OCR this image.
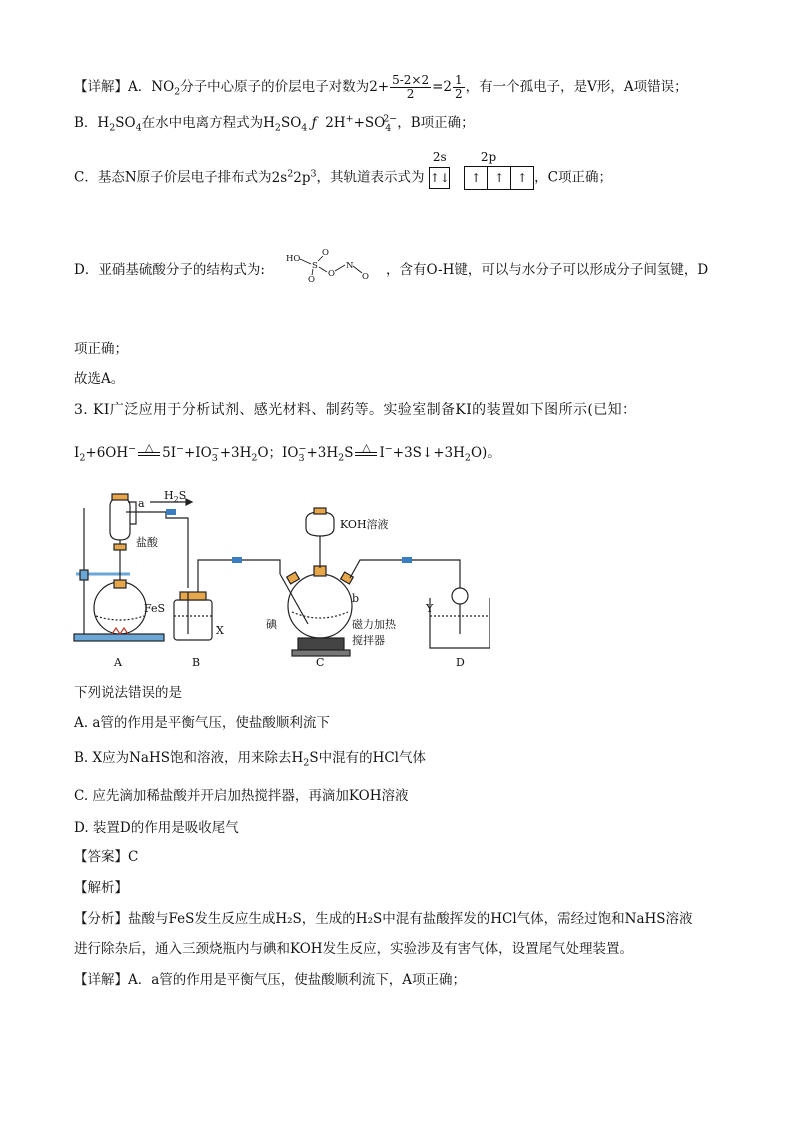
【详解】A．$NO_2$分子中心原子的价层电子对数为$2+ \frac{5-2\times 2}{2} =2 \frac{1}{2}$ ，有一个孤电子，是V形，A项错误；
B．$H_2SO_4$在水中电离方程式为$H_2SO_4$ ƒ $2H^++SO_4^{2-}$，B项正确；
C．基态N原子价层电子排布式为$2s^22p^3$，其轨道表示式为
2s
↑↓
2p
↑ ↑ ↑ ，C项正确；
D．亚硝基硫酸分子的结构式为:
HO
S
O
O
O
N
O ，含有O-H键，可以与水分子可以形成分子间氢键，D
项正确；
故选A。
3. KI广泛应用于分析试剂、感光材料、制药等。实验室制备KI的装置如下图所示(已知：
$I_2+6OH^-$ △ $5I^-+IO_3^-+3H_2O$；$IO_3^-+3H_2S$ △ $I^-+3S↓+3H_2O$)。
a
$H_2S$
盐酸
FeS
X
KOH溶液
b
碘	磁力加热
搅拌器
Y
A	B	C	D
下列说法错误的是
A. a管的作用是平衡气压，使盐酸顺利流下
B. X应为NaHS饱和溶液，用来除去$H_2S$中混有的HCl气体
C. 应先滴加稀盐酸并开启加热搅拌器，再滴加KOH溶液
D. 装置D的作用是吸收尾气
【答案】C
【解析】
【分析】盐酸与FeS发生反应生成H₂S，生成的H₂S中混有盐酸挥发的HCl气体，需经过饱和NaHS溶液
进行除杂后，通入三颈烧瓶内与碘和KOH发生反应，实验涉及有害气体，设置尾气处理装置。
【详解】A．a管的作用是平衡气压，使盐酸顺利流下，A项正确；
